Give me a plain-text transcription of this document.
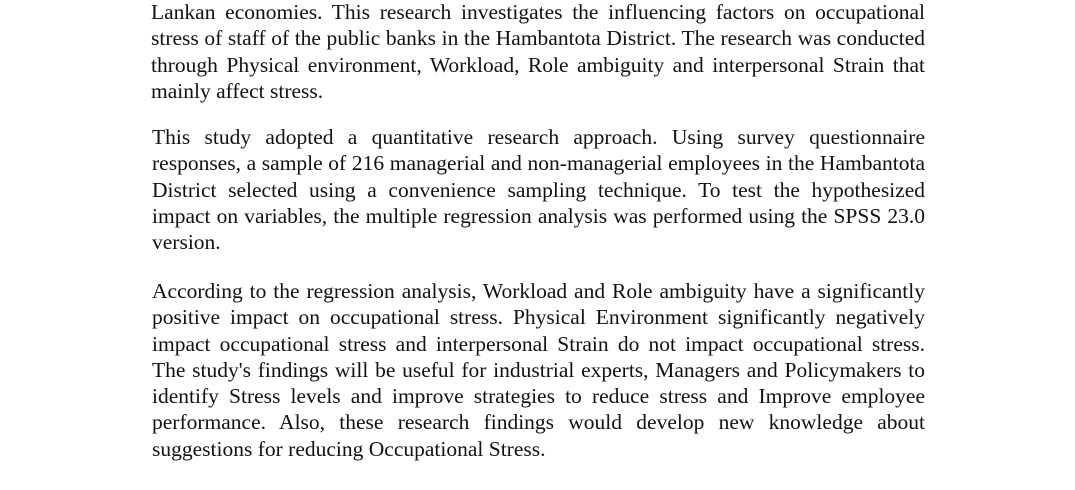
Lankan economies. This research investigates the influencing factors on occupational stress of staff of the public banks in the Hambantota District. The research was conducted through Physical environment, Workload, Role ambiguity and interpersonal Strain that mainly affect stress.

This study adopted a quantitative research approach. Using survey questionnaire responses, a sample of 216 managerial and non-managerial employees in the Hambantota District selected using a convenience sampling technique. To test the hypothesized impact on variables, the multiple regression analysis was performed using the SPSS 23.0 version.

According to the regression analysis, Workload and Role ambiguity have a significantly positive impact on occupational stress. Physical Environment significantly negatively impact occupational stress and interpersonal Strain do not impact occupational stress. The study's findings will be useful for industrial experts, Managers and Policymakers to identify Stress levels and improve strategies to reduce stress and Improve employee performance. Also, these research findings would develop new knowledge about suggestions for reducing Occupational Stress.
